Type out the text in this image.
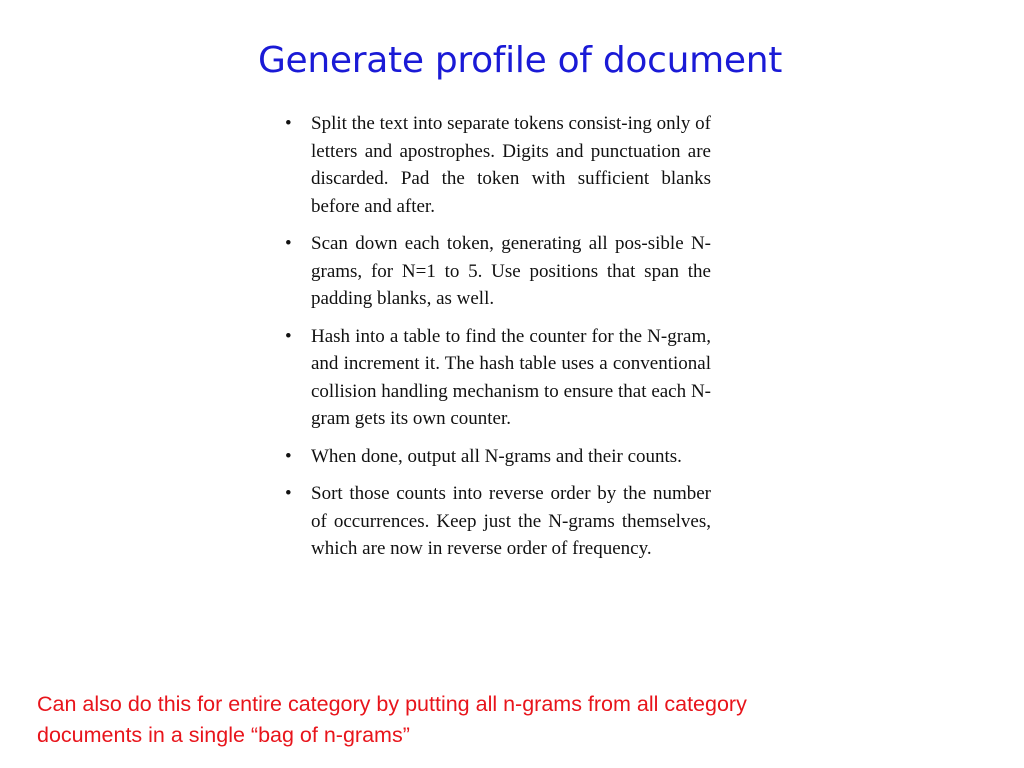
Generate profile of document
• Split the text into separate tokens consist-ing only of letters and apostrophes. Digits and punctuation are discarded. Pad the token with sufficient blanks before and after.
• Scan down each token, generating all pos-sible N-grams, for N=1 to 5. Use positions that span the padding blanks, as well.
• Hash into a table to find the counter for the N-gram, and increment it. The hash table uses a conventional collision handling mechanism to ensure that each N-gram gets its own counter.
• When done, output all N-grams and their counts.
• Sort those counts into reverse order by the number of occurrences. Keep just the N-grams themselves, which are now in reverse order of frequency.

Can also do this for entire category by putting all n-grams from all category documents in a single “bag of n-grams”
